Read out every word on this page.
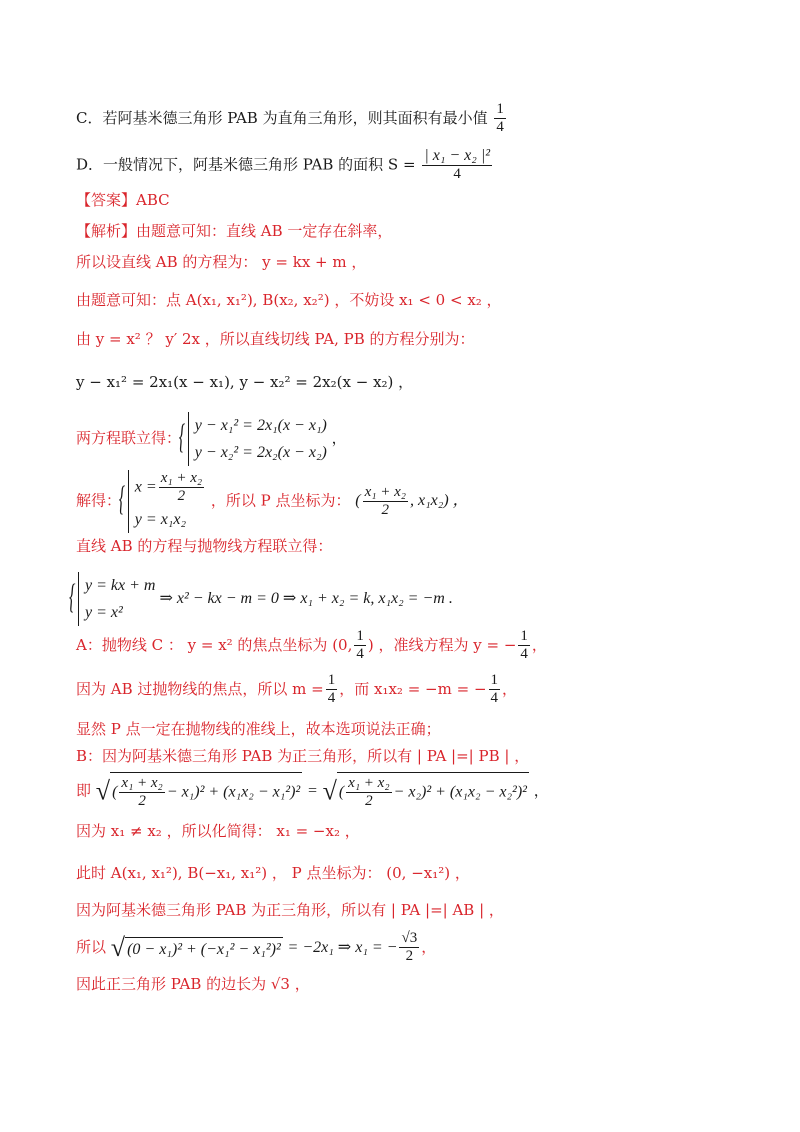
C．若阿基米德三角形 PAB 为直角三角形，则其面积有最小值 $\frac{1}{4}$
D．一般情况下，阿基米德三角形 PAB 的面积 $S = \frac{\text{| x₁ − x₂ |²}}{4}$
【答案】ABC
【解析】由题意可知：直线 AB 一定存在斜率，
所以设直线 AB 的方程为： y = kx + m ，
由题意可知：点 A(x₁, x₁²), B(x₂, x₂²) ，不妨设 x₁ < 0 < x₂ ，
由 y = x² ？ y′ 2x ，所以直线切线 PA, PB 的方程分别为：
y − x₁² = 2x₁(x − x₁), y − x₂² = 2x₂(x − x₂) ，
两方程联立得：
{ y − x₁² = 2x₁(x − x₁)
y − x₂² = 2x₂(x − x₂)
，
解得：
{ $x = \frac{\text{x₁ + x₂}}{2}$
y = x₁x₂
，所以 P 点坐标为： ( $\frac{\text{x₁ + x₂}}{2}$ , x₁x₂) ，
直线 AB 的方程与抛物线方程联立得：
{ y = kx + m
y = x²
⇒ x² − kx − m = 0 ⇒ x₁ + x₂ = k, x₁x₂ = −m .
A：抛物线 C ： y = x² 的焦点坐标为 (0, $\frac{1}{4}$ ) ，准线方程为 y = − $\frac{1}{4}$ ，
因为 AB 过抛物线的焦点，所以 $m = \frac{1}{4}$ ，而 x₁x₂ = −m = − $\frac{1}{4}$ ，
显然 P 点一定在抛物线的准线上，故本选项说法正确；
B：因为阿基米德三角形 PAB 为正三角形，所以有 | PA |=| PB | ，
即 √ ( $\frac{\text{x₁ + x₂}}{2} - x_1)^2 + (x_1x_2 - x_1^2)^2$ = √ ( $\frac{\text{x₁ + x₂}}{2} - x_2)^2 + (x_1x_2 - x_2^2)^2$ ，
因为 x₁ ≠ x₂ ，所以化简得： x₁ = −x₂ ，
此时 A(x₁, x₁²), B(−x₁, x₁²) ， P 点坐标为： (0, −x₁²) ，
因为阿基米德三角形 PAB 为正三角形，所以有 | PA |=| AB | ，
所以 √ (0 − x₁)² + (−x₁² − x₁²)² = −2x₁ ⇒ x₁ = − $\frac{√3}{2}$ ，
因此正三角形 PAB 的边长为 √3 ，
